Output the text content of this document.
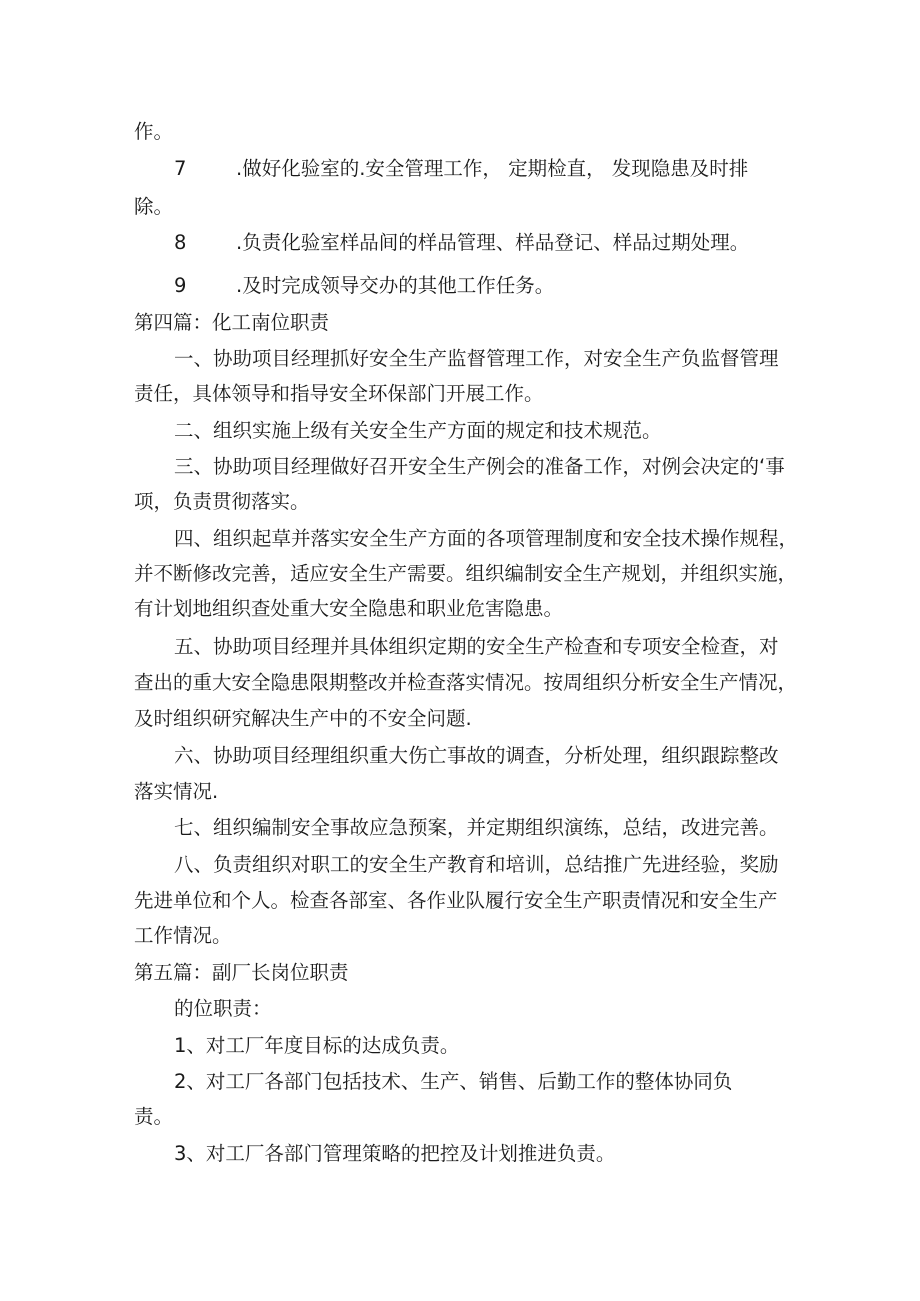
作。
7	.做好化验室的.安全管理工作， 定期检直， 发现隐患及时排
除。
8	.负责化验室样品间的样品管理、样品登记、样品过期处理。
9	.及时完成领导交办的其他工作任务。
第四篇：化工南位职责
一、协助项目经理抓好安全生产监督管理工作，对安全生产负监督管理
责任，具体领导和指导安全环保部门开展工作。
二、组织实施上级有关安全生产方面的规定和技术规范。
三、协助项目经理做好召开安全生产例会的准备工作，对例会决定的‘事
项，负责贯彻落实。
四、组织起草并落实安全生产方面的各项管理制度和安全技术操作规程，
并不断修改完善，适应安全生产需要。组织编制安全生产规划，并组织实施，
有计划地组织查处重大安全隐患和职业危害隐患。
五、协助项目经理并具体组织定期的安全生产检查和专项安全检查，对
查出的重大安全隐患限期整改并检查落实情况。按周组织分析安全生产情况，
及时组织研究解决生产中的不安全问题.
六、协助项目经理组织重大伤亡事故的调查，分析处理，组织跟踪整改
落实情况.
七、组织编制安全事故应急预案，并定期组织演练，总结，改进完善。
八、负责组织对职工的安全生产教育和培训，总结推广先进经验，奖励
先进单位和个人。检查各部室、各作业队履行安全生产职责情况和安全生产
工作情况。
第五篇：副厂长岗位职责
的位职责：
1、对工厂年度目标的达成负责。
2、对工厂各部门包括技术、生产、销售、后勤工作的整体协同负
责。
3、对工厂各部门管理策略的把控及计划推进负责。
